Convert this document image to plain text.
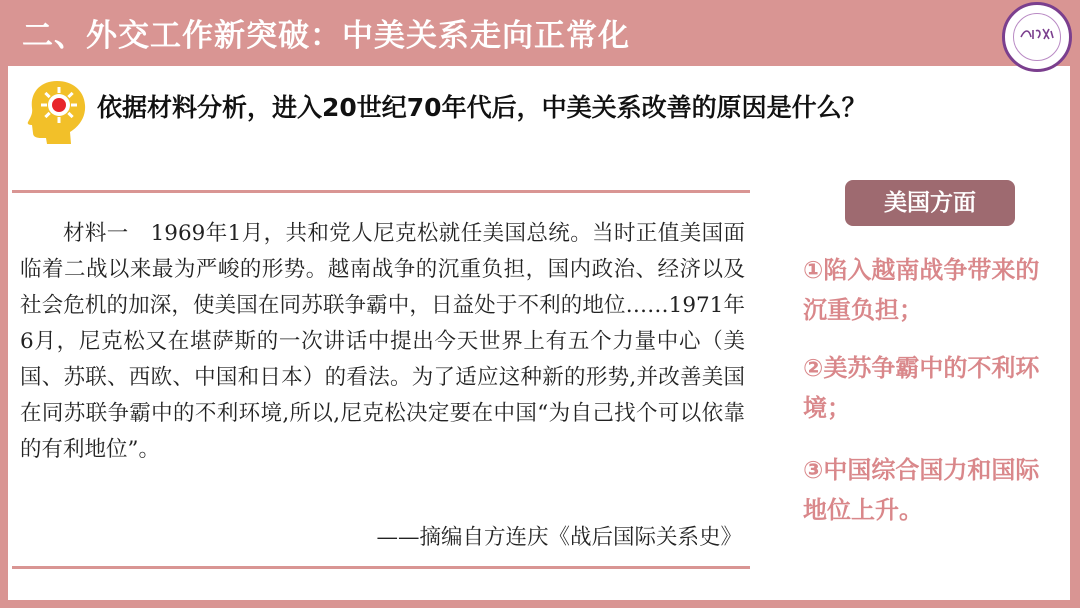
二、外交工作新突破：中美关系走向正常化
依据材料分析，进入20世纪70年代后，中美关系改善的原因是什么？

材料一　1969年1月，共和党人尼克松就任美国总统。当时正值美国面临着二战以来最为严峻的形势。越南战争的沉重负担，国内政治、经济以及社会危机的加深，使美国在同苏联争霸中，日益处于不利的地位……1971年6月，尼克松又在堪萨斯的一次讲话中提出今天世界上有五个力量中心（美国、苏联、西欧、中国和日本）的看法。为了适应这种新的形势,并改善美国在同苏联争霸中的不利环境,所以,尼克松决定要在中国“为自己找个可以依靠的有利地位”。

——摘编自方连庆《战后国际关系史》
美国方面
①陷入越南战争带来的沉重负担；
②美苏争霸中的不利环境；
③中国综合国力和国际地位上升。
